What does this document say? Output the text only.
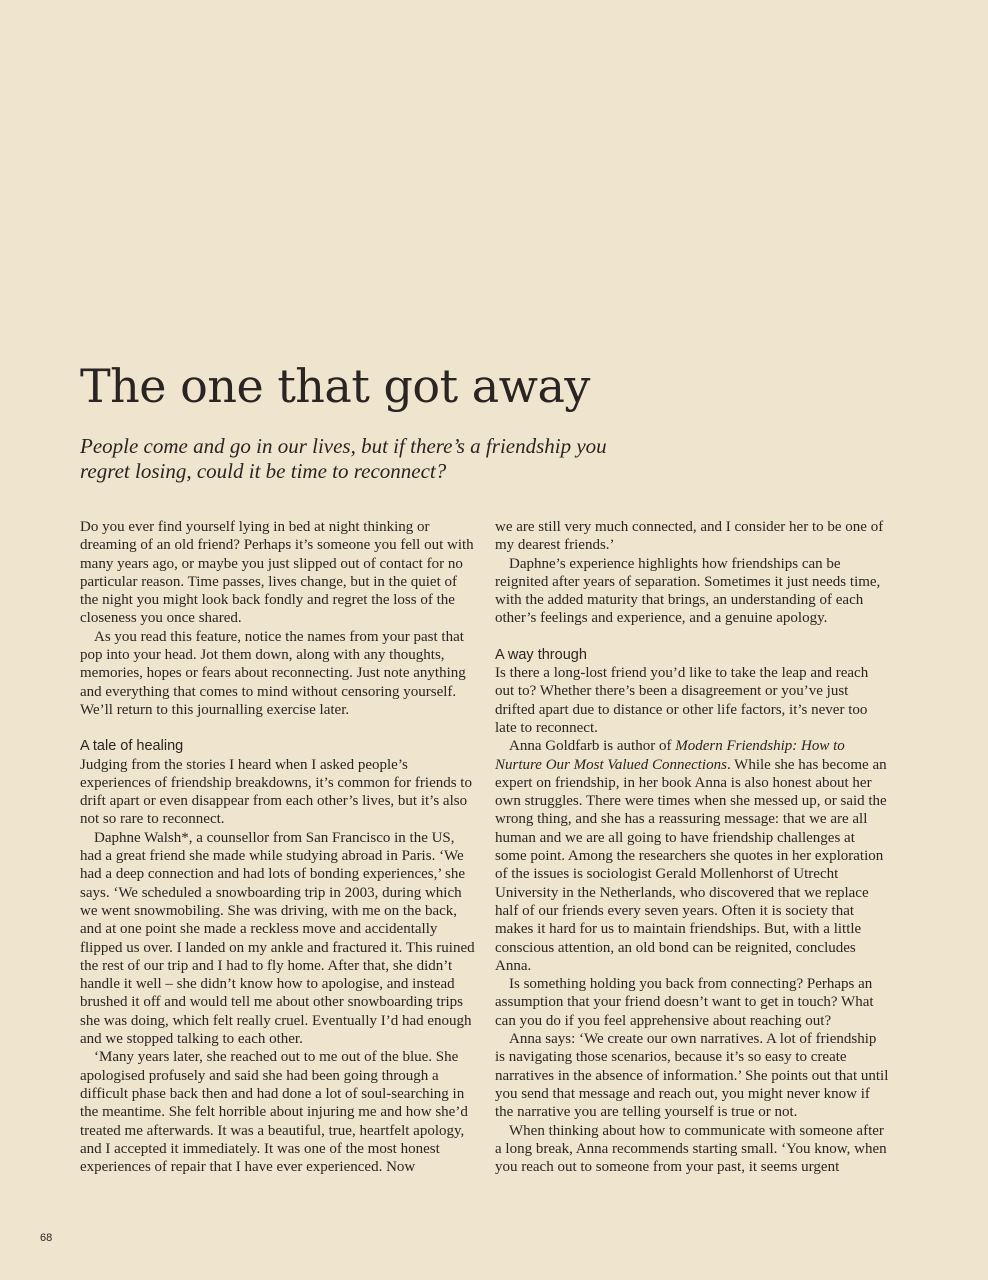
The one that got away

People come and go in our lives, but if there’s a friendship you regret losing, could it be time to reconnect?

Do you ever find yourself lying in bed at night thinking or dreaming of an old friend? Perhaps it’s someone you fell out with many years ago, or maybe you just slipped out of contact for no particular reason. Time passes, lives change, but in the quiet of the night you might look back fondly and regret the loss of the closeness you once shared.

As you read this feature, notice the names from your past that pop into your head. Jot them down, along with any thoughts, memories, hopes or fears about reconnecting. Just note anything and everything that comes to mind without censoring yourself. We’ll return to this journalling exercise later.

A tale of healing

Judging from the stories I heard when I asked people’s experiences of friendship breakdowns, it’s common for friends to drift apart or even disappear from each other’s lives, but it’s also not so rare to reconnect.

Daphne Walsh*, a counsellor from San Francisco in the US, had a great friend she made while studying abroad in Paris. ‘We had a deep connection and had lots of bonding experiences,’ she says. ‘We scheduled a snowboarding trip in 2003, during which we went snowmobiling. She was driving, with me on the back, and at one point she made a reckless move and accidentally flipped us over. I landed on my ankle and fractured it. This ruined the rest of our trip and I had to fly home. After that, she didn’t handle it well – she didn’t know how to apologise, and instead brushed it off and would tell me about other snowboarding trips she was doing, which felt really cruel. Eventually I’d had enough and we stopped talking to each other.

‘Many years later, she reached out to me out of the blue. She apologised profusely and said she had been going through a difficult phase back then and had done a lot of soul-searching in the meantime. She felt horrible about injuring me and how she’d treated me afterwards. It was a beautiful, true, heartfelt apology, and I accepted it immediately. It was one of the most honest experiences of repair that I have ever experienced. Now

we are still very much connected, and I consider her to be one of my dearest friends.’

Daphne’s experience highlights how friendships can be reignited after years of separation. Sometimes it just needs time, with the added maturity that brings, an understanding of each other’s feelings and experience, and a genuine apology.

A way through

Is there a long-lost friend you’d like to take the leap and reach out to? Whether there’s been a disagreement or you’ve just drifted apart due to distance or other life factors, it’s never too late to reconnect.

Anna Goldfarb is author of Modern Friendship: How to Nurture Our Most Valued Connections. While she has become an expert on friendship, in her book Anna is also honest about her own struggles. There were times when she messed up, or said the wrong thing, and she has a reassuring message: that we are all human and we are all going to have friendship challenges at some point. Among the researchers she quotes in her exploration of the issues is sociologist Gerald Mollenhorst of Utrecht University in the Netherlands, who discovered that we replace half of our friends every seven years. Often it is society that makes it hard for us to maintain friendships. But, with a little conscious attention, an old bond can be reignited, concludes Anna.

Is something holding you back from connecting? Perhaps an assumption that your friend doesn’t want to get in touch? What can you do if you feel apprehensive about reaching out?

Anna says: ‘We create our own narratives. A lot of friendship is navigating those scenarios, because it’s so easy to create narratives in the absence of information.’ She points out that until you send that message and reach out, you might never know if the narrative you are telling yourself is true or not.

When thinking about how to communicate with someone after a long break, Anna recommends starting small. ‘You know, when you reach out to someone from your past, it seems urgent

68
